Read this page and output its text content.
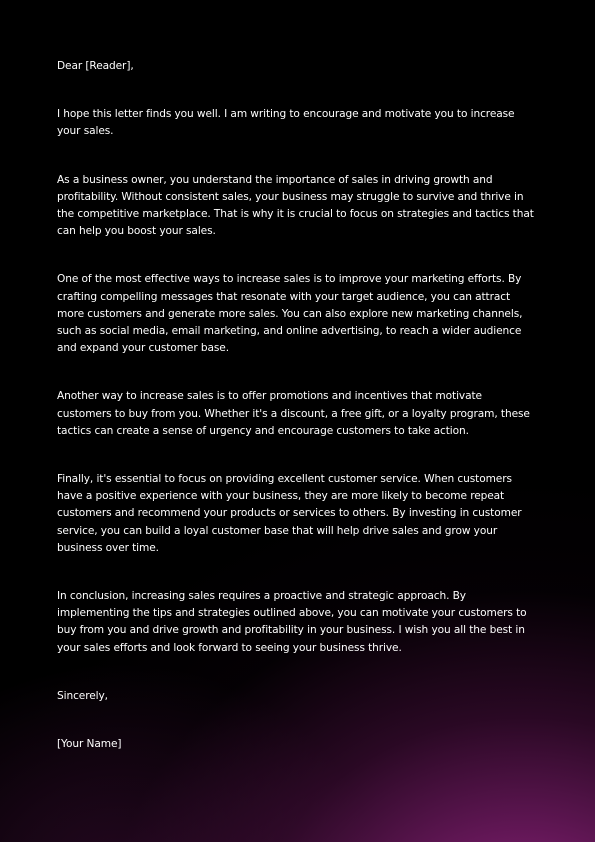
Dear [Reader],

I hope this letter finds you well. I am writing to encourage and motivate you to increase your sales.

As a business owner, you understand the importance of sales in driving growth and profitability. Without consistent sales, your business may struggle to survive and thrive in the competitive marketplace. That is why it is crucial to focus on strategies and tactics that can help you boost your sales.

One of the most effective ways to increase sales is to improve your marketing efforts. By crafting compelling messages that resonate with your target audience, you can attract more customers and generate more sales. You can also explore new marketing channels, such as social media, email marketing, and online advertising, to reach a wider audience and expand your customer base.

Another way to increase sales is to offer promotions and incentives that motivate customers to buy from you. Whether it's a discount, a free gift, or a loyalty program, these tactics can create a sense of urgency and encourage customers to take action.

Finally, it's essential to focus on providing excellent customer service. When customers have a positive experience with your business, they are more likely to become repeat customers and recommend your products or services to others. By investing in customer service, you can build a loyal customer base that will help drive sales and grow your business over time.

In conclusion, increasing sales requires a proactive and strategic approach. By implementing the tips and strategies outlined above, you can motivate your customers to buy from you and drive growth and profitability in your business. I wish you all the best in your sales efforts and look forward to seeing your business thrive.

Sincerely,

[Your Name]
